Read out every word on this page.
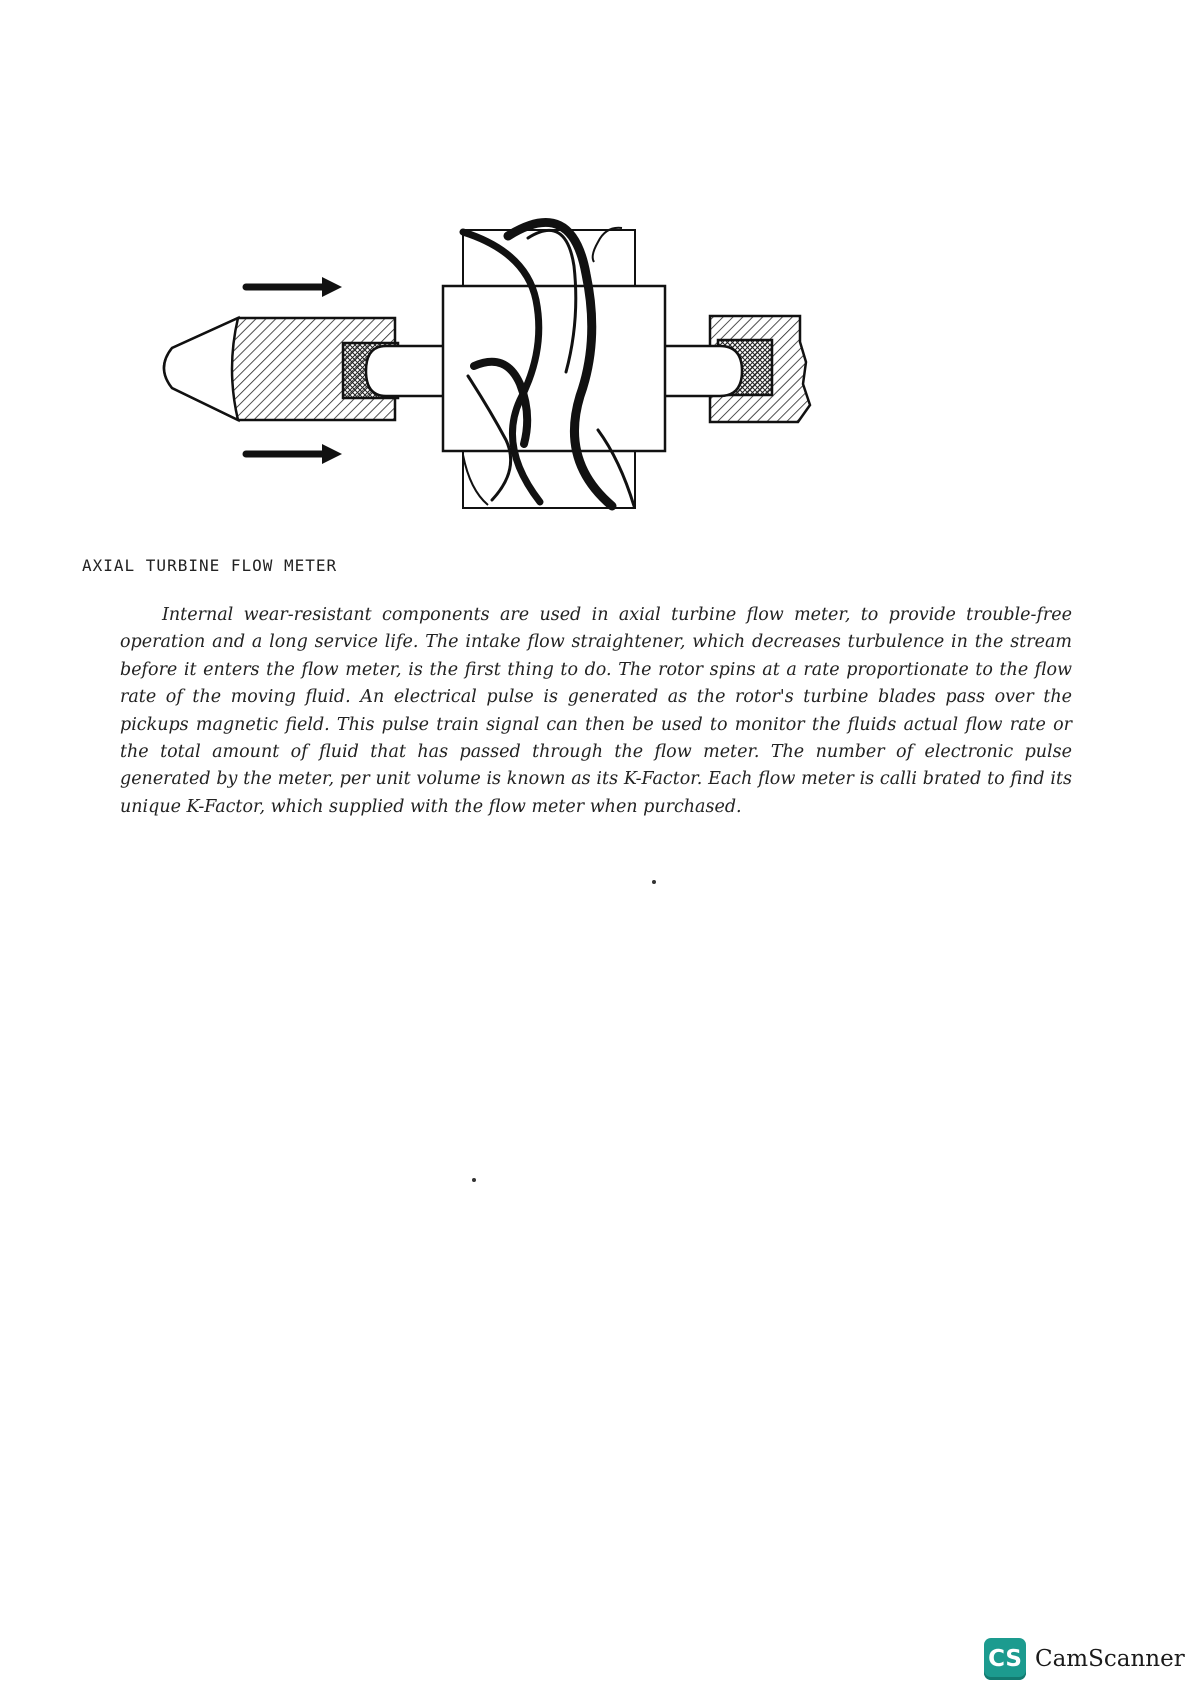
AXIAL TURBINE FLOW METER
Internal wear-resistant components are used in axial turbine flow meter, to provide trouble-free operation and a long service life. The intake flow straightener, which decreases turbulence in the stream before it enters the flow meter, is the first thing to do. The rotor spins at a rate proportionate to the flow rate of the moving fluid. An electrical pulse is generated as the rotor's turbine blades pass over the pickups magnetic field. This pulse train signal can then be used to monitor the fluids actual flow rate or the total amount of fluid that has passed through the flow meter. The number of electronic pulse generated by the meter, per unit volume is known as its K-Factor. Each flow meter is calli brated to find its unique K-Factor, which supplied with the flow meter when purchased.
CS CamScanner
